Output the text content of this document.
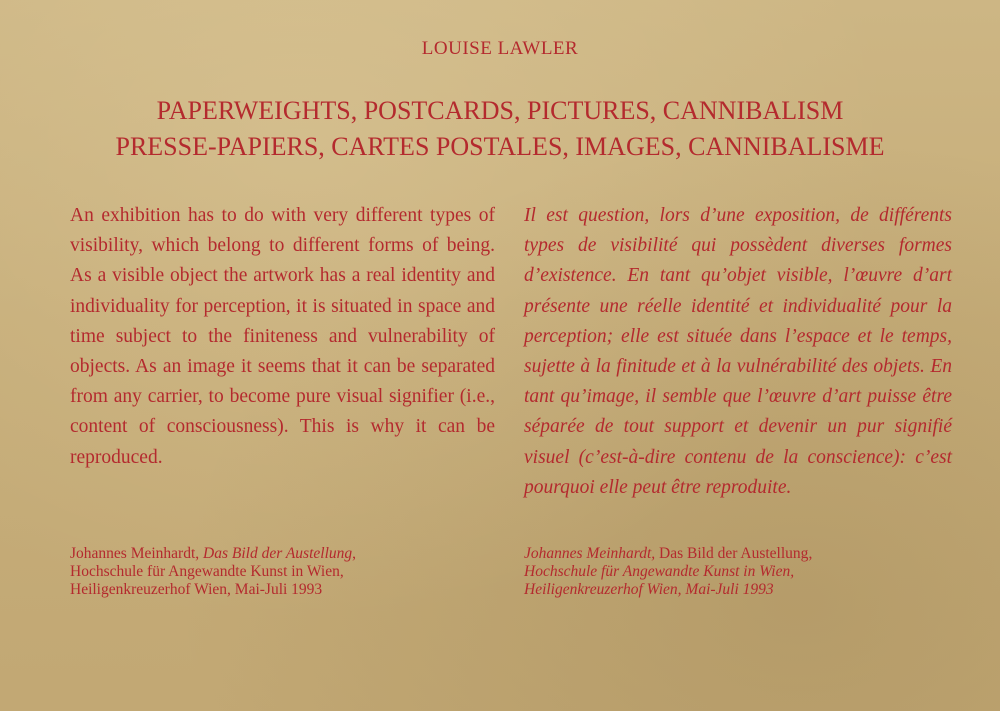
LOUISE LAWLER
PAPERWEIGHTS, POSTCARDS, PICTURES, CANNIBALISM
PRESSE-PAPIERS, CARTES POSTALES, IMAGES, CANNIBALISME
An exhibition has to do with very different types of visibility, which belong to different forms of being. As a visible object the artwork has a real identity and individuality for perception, it is situated in space and time subject to the finiteness and vulnerability of objects. As an image it seems that it can be separated from any carrier, to become pure visual signifier (i.e., content of consciousness). This is why it can be reproduced.
Il est question, lors d’une exposition, de différents types de visibilité qui possèdent diverses formes d’existence. En tant qu’objet visible, l’œuvre d’art présente une réelle identité et individualité pour la perception; elle est située dans l’espace et le temps, sujette à la finitude et à la vulnérabilité des objets. En tant qu’image, il semble que l’œuvre d’art puisse être séparée de tout support et devenir un pur signifié visuel (c’est-à-dire contenu de la conscience): c’est pourquoi elle peut être reproduite.
Johannes Meinhardt, Das Bild der Austellung,
Hochschule für Angewandte Kunst in Wien,
Heiligenkreuzerhof Wien, Mai-Juli 1993
Johannes Meinhardt, Das Bild der Austellung,
Hochschule für Angewandte Kunst in Wien,
Heiligenkreuzerhof Wien, Mai-Juli 1993
